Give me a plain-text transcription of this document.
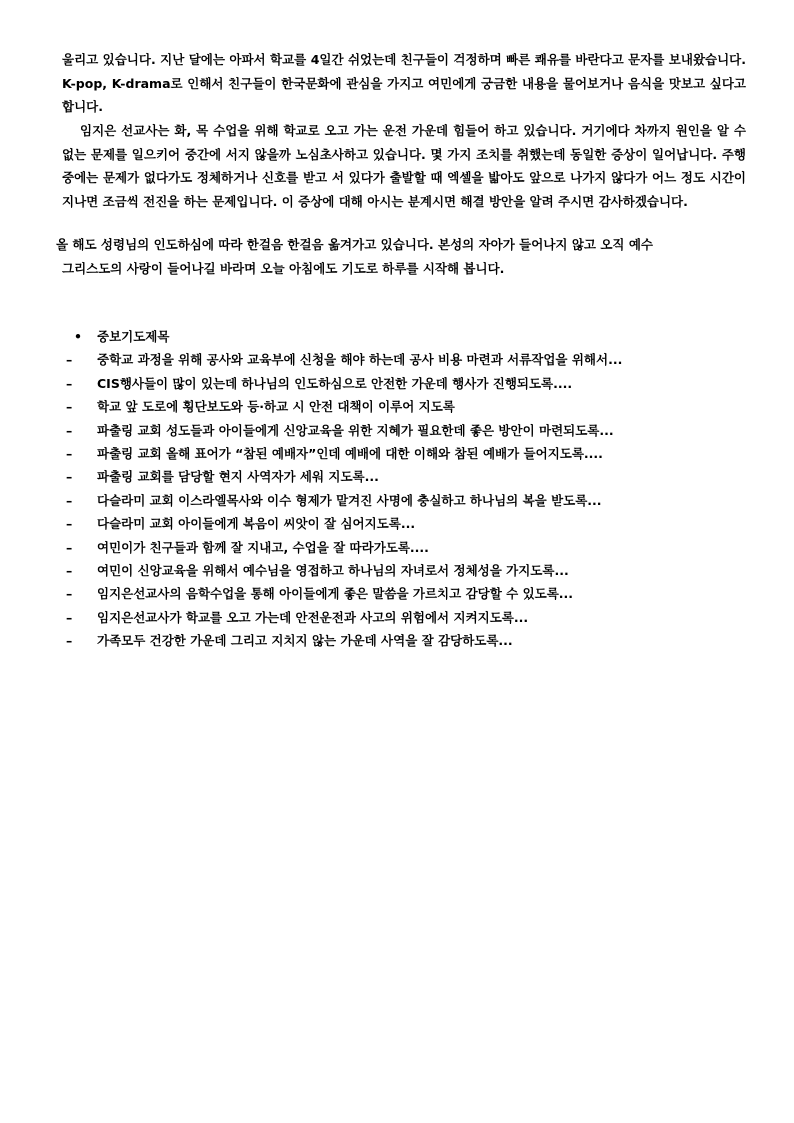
울리고 있습니다. 지난 달에는 아파서 학교를 4일간 쉬었는데 친구들이 걱정하며 빠른 쾌유를 바란다고 문자를 보내왔습니다. K-pop, K-drama로 인해서 친구들이 한국문화에 관심을 가지고 여민에게 궁금한 내용을 물어보거나 음식을 맛보고 싶다고 합니다.

임지은 선교사는 화, 목 수업을 위해 학교로 오고 가는 운전 가운데 힘들어 하고 있습니다. 거기에다 차까지 원인을 알 수 없는 문제를 일으키어 중간에 서지 않을까 노심초사하고 있습니다. 몇 가지 조치를 취했는데 동일한 증상이 일어납니다. 주행 중에는 문제가 없다가도 정체하거나 신호를 받고 서 있다가 출발할 때 엑셀을 밟아도 앞으로 나가지 않다가 어느 정도 시간이 지나면 조금씩 전진을 하는 문제입니다. 이 증상에 대해 아시는 분계시면 해결 방안을 알려 주시면 감사하겠습니다.

올 해도 성령님의 인도하심에 따라 한걸음 한걸음 옮겨가고 있습니다. 본성의 자아가 들어나지 않고 오직 예수
그리스도의 사랑이 들어나길 바라며 오늘 아침에도 기도로 하루를 시작해 봅니다.

•	중보기도제목
–	중학교 과정을 위해 공사와 교육부에 신청을 해야 하는데 공사 비용 마련과 서류작업을 위해서...
–	CIS행사들이 많이 있는데 하나님의 인도하심으로 안전한 가운데 행사가 진행되도록....
–	학교 앞 도로에 횡단보도와 등·하교 시 안전 대책이 이루어 지도록
–	파출링 교회 성도들과 아이들에게 신앙교육을 위한 지혜가 필요한데 좋은 방안이 마련되도록...
–	파출링 교회 올해 표어가 “참된 예배자”인데 예배에 대한 이해와 참된 예배가 들어지도록....
–	파출링 교회를 담당할 현지 사역자가 세워 지도록...
–	다슬라미 교회 이스라엘목사와 이수 형제가 맡겨진 사명에 충실하고 하나님의 복을 받도록...
–	다슬라미 교회 아이들에게 복음이 씨앗이 잘 심어지도록...
–	여민이가 친구들과 함께 잘 지내고, 수업을 잘 따라가도록....
–	여민이 신앙교육을 위해서 예수님을 영접하고 하나님의 자녀로서 정체성을 가지도록...
–	임지은선교사의 음학수업을 통해 아이들에게 좋은 말씀을 가르치고 감당할 수 있도록...
–	임지은선교사가 학교를 오고 가는데 안전운전과 사고의 위험에서 지켜지도록...
–	가족모두 건강한 가운데 그리고 지치지 않는 가운데 사역을 잘 감당하도록...
